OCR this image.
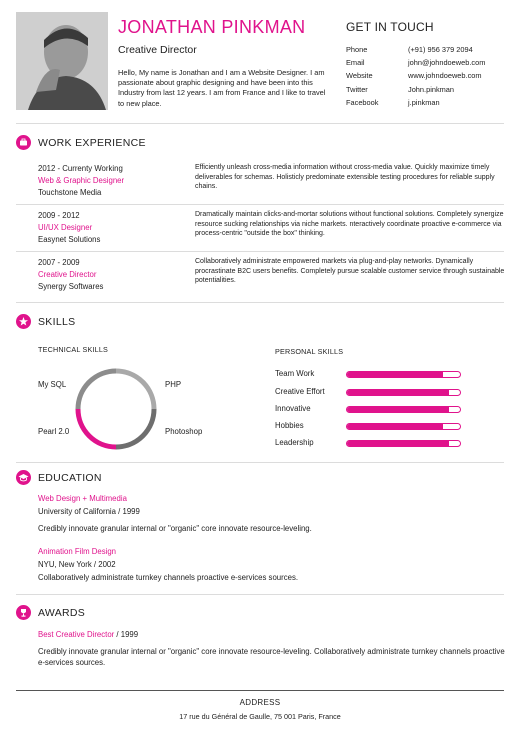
JONATHAN PINKMAN
Creative Director
Hello, My name is Jonathan and I am a Website Designer. I am passionate about graphic designing and have been into this Industry from last 12 years. I am from France and I like to travel to new place.
GET IN TOUCH
Phone	(+91) 956 379 2094
Email	john@johndoeweb.com
Website	www.johndoeweb.com
Twitter	John.pinkman
Facebook	j.pinkman
WORK EXPERIENCE
2012 - Currenty Working
Web & Graphic Designer
Touchstone Media
Efficiently unleash cross-media information without cross-media value. Quickly maximize timely deliverables for schemas. Holisticly predominate extensible testing procedures for reliable supply chains.
2009 - 2012
UI/UX Designer
Easynet Solutions
Dramatically maintain clicks-and-mortar solutions without functional solutions. Completely synergize resource sucking relationships via niche markets. nteractively coordinate proactive e-commerce via process-centric "outside the box" thinking.
2007 - 2009
Creative Director
Synergy Softwares
Collaboratively administrate empowered markets via plug-and-play networks. Dynamically procrastinate B2C users benefits. Completely pursue scalable customer service through sustainable potentialities.
SKILLS
TECHNICAL SKILLS
My SQL	PHP
Pearl 2.0	Photoshop
PERSONAL SKILLS
Team Work
Creative Effort
Innovative
Hobbies
Leadership
EDUCATION
Web Design + Multimedia
University of California / 1999
Credibly innovate granular internal or "organic" core innovate resource-leveling.
Animation Film Design
NYU, New York / 2002
Collaboratively administrate turnkey channels proactive e-services sources.
AWARDS
Best Creative Director / 1999
Credibly innovate granular internal or "organic" core innovate resource-leveling. Collaboratively administrate turnkey channels proactive e-services sources.
ADDRESS
17 rue du Général de Gaulle, 75 001 Paris, France
